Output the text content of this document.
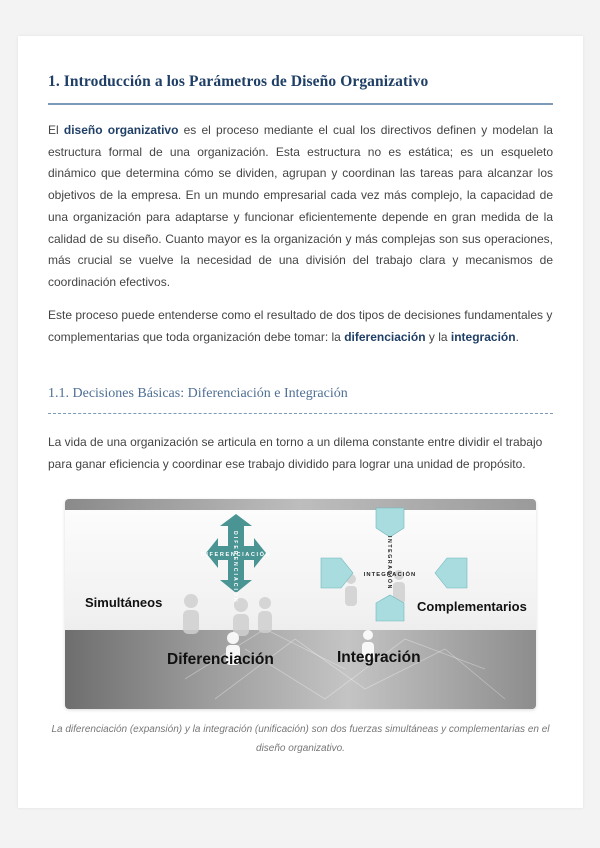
1. Introducción a los Parámetros de Diseño Organizativo

El diseño organizativo es el proceso mediante el cual los directivos definen y modelan la estructura formal de una organización. Esta estructura no es estática; es un esqueleto dinámico que determina cómo se dividen, agrupan y coordinan las tareas para alcanzar los objetivos de la empresa. En un mundo empresarial cada vez más complejo, la capacidad de una organización para adaptarse y funcionar eficientemente depende en gran medida de la calidad de su diseño. Cuanto mayor es la organización y más complejas son sus operaciones, más crucial se vuelve la necesidad de una división del trabajo clara y mecanismos de coordinación efectivos.

Este proceso puede entenderse como el resultado de dos tipos de decisiones fundamentales y complementarias que toda organización debe tomar: la diferenciación y la integración.

1.1. Decisiones Básicas: Diferenciación e Integración

La vida de una organización se articula en torno a un dilema constante entre dividir el trabajo para ganar eficiencia y coordinar ese trabajo dividido para lograr una unidad de propósito.

DIFERENCIACIÓN
DIFERENCIACIÓN	INTEGRACIÓN
INTEGRACIÓN
Simultáneos	Complementarios
Diferenciación	Integración

La diferenciación (expansión) y la integración (unificación) son dos fuerzas simultáneas y complementarias en el diseño organizativo.
